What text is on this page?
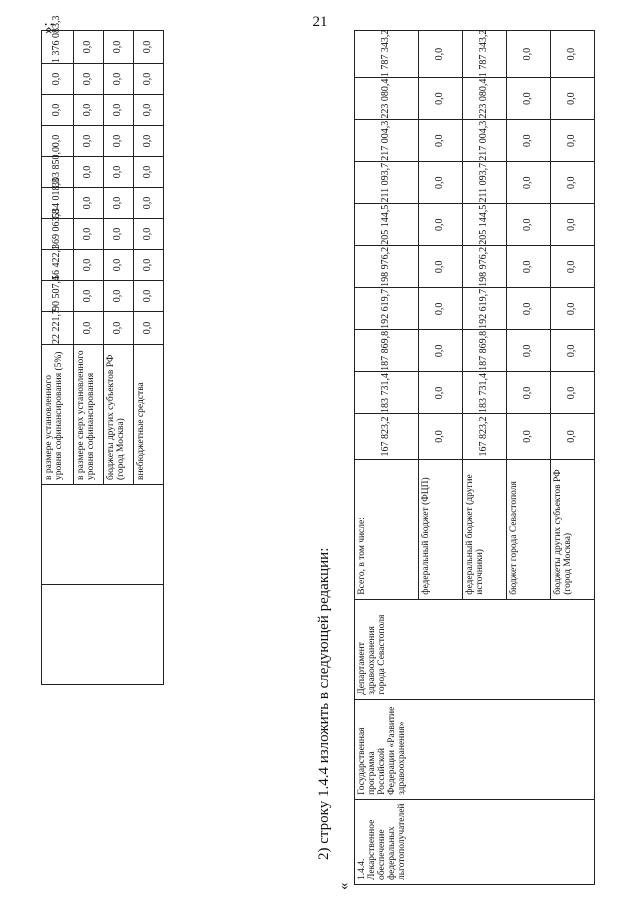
21
»;
		в размере установленного уровня софинансирования (5%)	22 221,7	90 507,4	56 422,1	369 063,8	534 018,3	303 850,0	0,0	0,0	0,0	1 376 083,3
		в размере сверх установленного уровня софинансирования	0,0	0,0	0,0	0,0	0,0	0,0	0,0	0,0	0,0	0,0
		бюджеты других субъектов РФ (город Москва)	0,0	0,0	0,0	0,0	0,0	0,0	0,0	0,0	0,0	0,0
		внебюджетные средства	0,0	0,0	0,0	0,0	0,0	0,0	0,0	0,0	0,0	0,0
2) строку 1.4.4 изложить в следующей редакции:
«
1.4.4. Лекарственное обеспечение федеральных льготополучателей	Государственная программа Российской Федерации «Развитие здравоохранения»	Департамент здравоохранения города Севастополя	Всего, в том числе:	167 823,2	183 731,4	187 869,8	192 619,7	198 976,2	205 144,5	211 093,7	217 004,3	223 080,4	1 787 343,2
			федеральный бюджет (ФЦП)	0,0	0,0	0,0	0,0	0,0	0,0	0,0	0,0	0,0	0,0
			федеральный бюджет (другие источники)	167 823,2	183 731,4	187 869,8	192 619,7	198 976,2	205 144,5	211 093,7	217 004,3	223 080,4	1 787 343,2
			бюджет города Севастополя	0,0	0,0	0,0	0,0	0,0	0,0	0,0	0,0	0,0	0,0
			бюджеты других субъектов РФ (город Москва)	0,0	0,0	0,0	0,0	0,0	0,0	0,0	0,0	0,0	0,0
